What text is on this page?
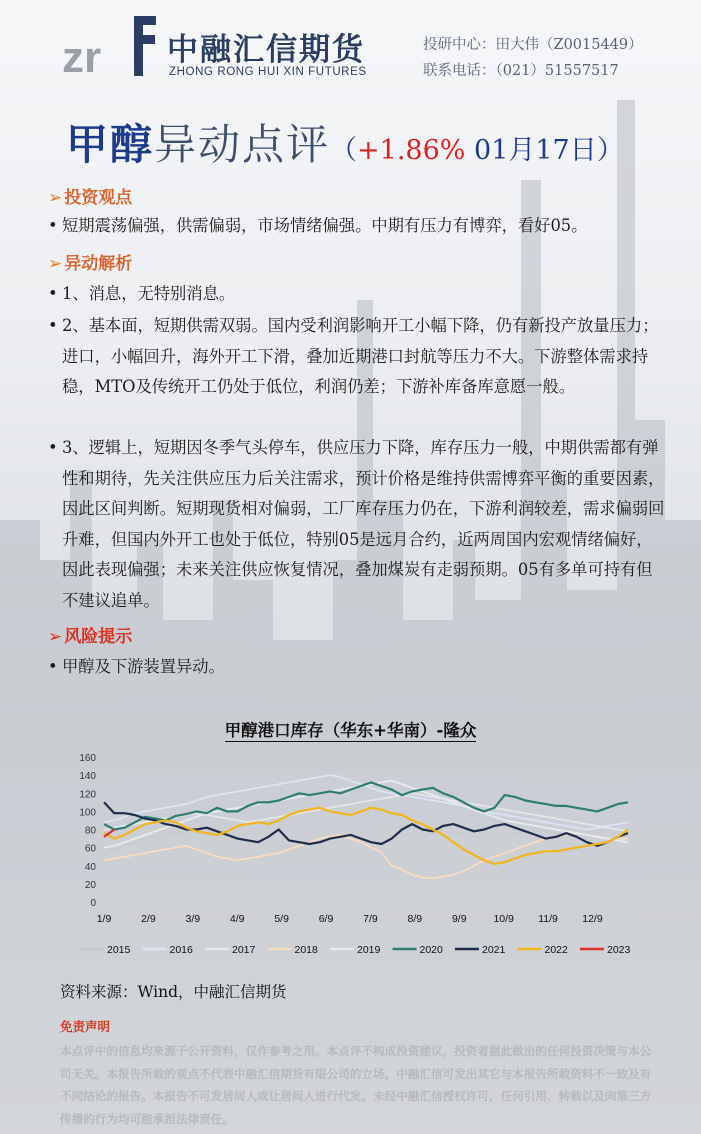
zr 中融汇信期货
ZHONG RONG HUI XIN FUTURES
投研中心：田大伟（Z0015449）
联系电话：（021）51557517
甲醇异动点评（+1.86% 01月17日）
➢ 投资观点
• 短期震荡偏强，供需偏弱，市场情绪偏强。中期有压力有博弈，看好05。
➢ 异动解析
• 1、消息，无特别消息。
• 2、基本面，短期供需双弱。国内受利润影响开工小幅下降，仍有新投产放量压力；进口，小幅回升，海外开工下滑，叠加近期港口封航等压力不大。下游整体需求持稳，MTO及传统开工仍处于低位，利润仍差；下游补库备库意愿一般。
• 3、逻辑上，短期因冬季气头停车，供应压力下降，库存压力一般，中期供需都有弹性和期待，先关注供应压力后关注需求，预计价格是维持供需博弈平衡的重要因素，因此区间判断。短期现货相对偏弱，工厂库存压力仍在，下游利润较差，需求偏弱回升难，但国内外开工也处于低位，特别05是远月合约，近两周国内宏观情绪偏好，因此表现偏强；未来关注供应恢复情况，叠加煤炭有走弱预期。05有多单可持有但不建议追单。
➢ 风险提示
• 甲醇及下游装置异动。
甲醇港口库存（华东+华南）-隆众
0
20
40
60
80
100
120
140
160
1/9	2/9	3/9	4/9	5/9	6/9	7/9	8/9	9/9	10/9 11/9 12/9
2015	2016	2017	2018	2019	2020	2021	2022	2023
资料来源：Wind，中融汇信期货
免责声明
本点评中的信息均来源于公开资料，仅作参考之用。本点评不构成投资建议，投资者据此做出的任何投资决策与本公司无关。本报告所载的观点不代表中融汇信期货有限公司的立场。中融汇信可发出其它与本报告所载资料不一致及有不同结论的报告。本报告不可发居间人或让居间人进行代发。未经中融汇信授权许可，任何引用、转载以及向第三方传播的行为均可能承担法律责任。
